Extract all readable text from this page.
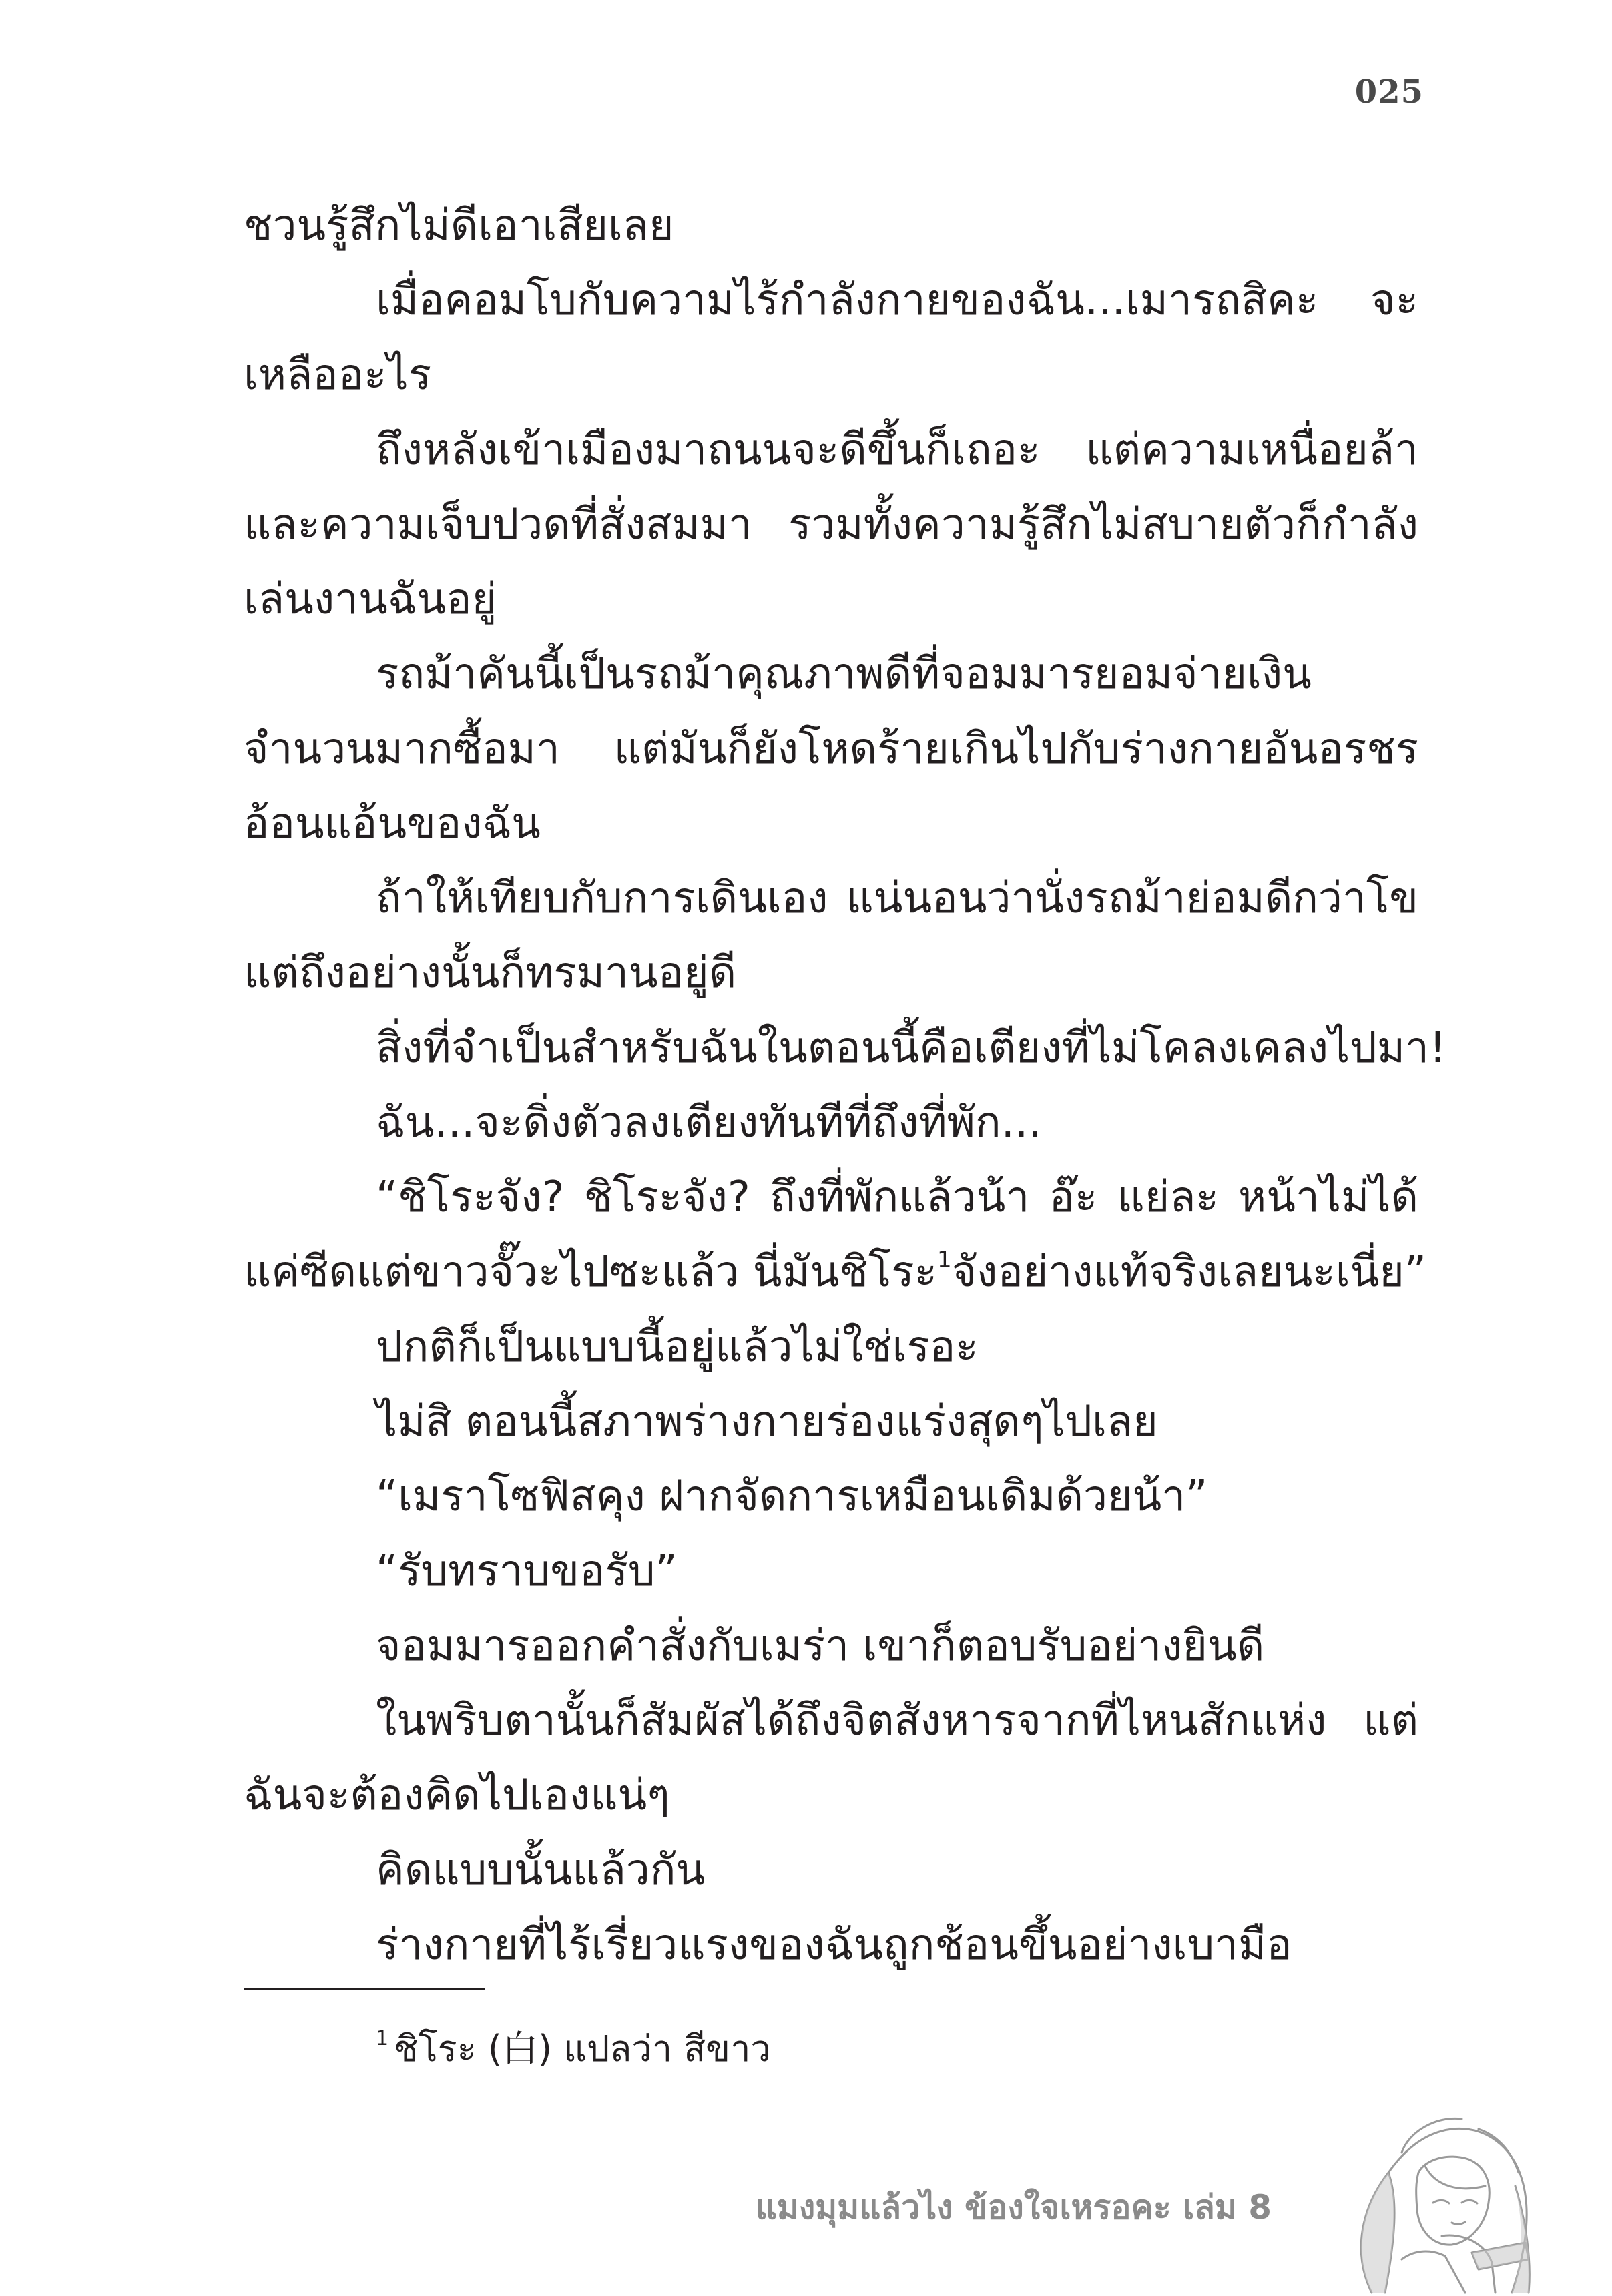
025
ชวนรู้สึกไม่ดีเอาเสียเลย
เมื่อคอมโบกับความไร้กำลังกายของฉัน...เมารถสิคะ จะ
เหลืออะไร
ถึงหลังเข้าเมืองมาถนนจะดีขึ้นก็เถอะ แต่ความเหนื่อยล้า
และความเจ็บปวดที่สั่งสมมา รวมทั้งความรู้สึกไม่สบายตัวก็กำลัง
เล่นงานฉันอยู่
รถม้าคันนี้เป็นรถม้าคุณภาพดีที่จอมมารยอมจ่ายเงิน
จำนวนมากซื้อมา แต่มันก็ยังโหดร้ายเกินไปกับร่างกายอันอรชร
อ้อนแอ้นของฉัน
ถ้าให้เทียบกับการเดินเอง แน่นอนว่านั่งรถม้าย่อมดีกว่าโข
แต่ถึงอย่างนั้นก็ทรมานอยู่ดี
สิ่งที่จำเป็นสำหรับฉันในตอนนี้คือเตียงที่ไม่โคลงเคลงไปมา!
ฉัน...จะดิ่งตัวลงเตียงทันทีที่ถึงที่พัก...
“ชิโระจัง? ชิโระจัง? ถึงที่พักแล้วน้า อ๊ะ แย่ละ หน้าไม่ได้
แค่ซีดแต่ขาวจั๊วะไปซะแล้ว นี่มันชิโระ$^1$จังอย่างแท้จริงเลยนะเนี่ย”
ปกติก็เป็นแบบนี้อยู่แล้วไม่ใช่เรอะ
ไม่สิ ตอนนี้สภาพร่างกายร่องแร่งสุดๆไปเลย
“เมราโซฟิสคุง ฝากจัดการเหมือนเดิมด้วยน้า”
“รับทราบขอรับ”
จอมมารออกคำสั่งกับเมร่า เขาก็ตอบรับอย่างยินดี
ในพริบตานั้นก็สัมผัสได้ถึงจิตสังหารจากที่ไหนสักแห่ง แต่
ฉันจะต้องคิดไปเองแน่ๆ
คิดแบบนั้นแล้วกัน
ร่างกายที่ไร้เรี่ยวแรงของฉันถูกช้อนขึ้นอย่างเบามือ
$^1$ ชิโระ (白) แปลว่า สีขาว
แมงมุมแล้วไง ข้องใจเหรอคะ เล่ม 8
